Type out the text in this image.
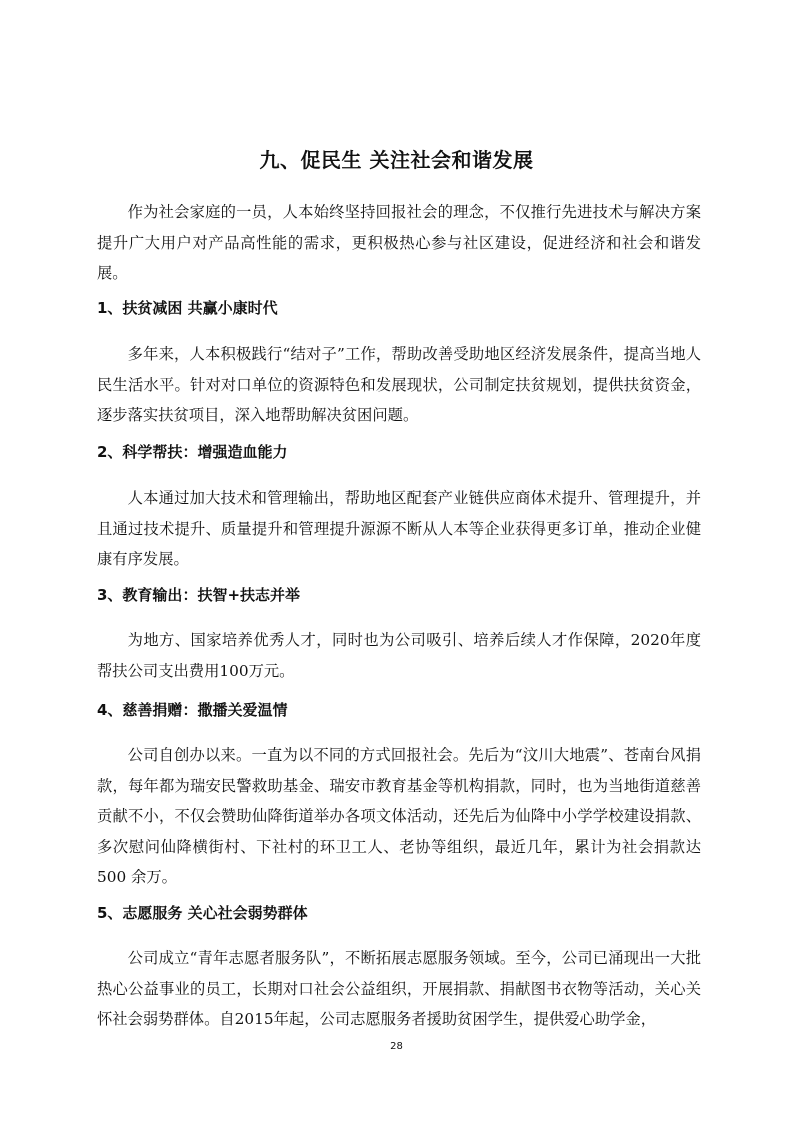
九、促民生 关注社会和谐发展

作为社会家庭的一员，人本始终坚持回报社会的理念，不仅推行先进技术与解决方案提升广大用户对产品高性能的需求，更积极热心参与社区建设，促进经济和社会和谐发展。

1、扶贫减困 共赢小康时代

多年来，人本积极践行“结对子”工作，帮助改善受助地区经济发展条件，提高当地人民生活水平。针对对口单位的资源特色和发展现状，公司制定扶贫规划，提供扶贫资金，逐步落实扶贫项目，深入地帮助解决贫困问题。

2、科学帮扶：增强造血能力

人本通过加大技术和管理输出，帮助地区配套产业链供应商体术提升、管理提升，并且通过技术提升、质量提升和管理提升源源不断从人本等企业获得更多订单，推动企业健康有序发展。

3、教育输出：扶智+扶志并举

为地方、国家培养优秀人才，同时也为公司吸引、培养后续人才作保障，2020年度帮扶公司支出费用100万元。

4、慈善捐赠：撒播关爱温情

公司自创办以来。一直为以不同的方式回报社会。先后为“汶川大地震”、苍南台风捐款，每年都为瑞安民警救助基金、瑞安市教育基金等机构捐款，同时，也为当地街道慈善贡献不小，不仅会赞助仙降街道举办各项文体活动，还先后为仙降中小学学校建设捐款、多次慰问仙降横街村、下社村的环卫工人、老协等组织，最近几年，累计为社会捐款达 500 余万。

5、志愿服务 关心社会弱势群体

公司成立“青年志愿者服务队”，不断拓展志愿服务领域。至今，公司已涌现出一大批热心公益事业的员工，长期对口社会公益组织，开展捐款、捐献图书衣物等活动，关心关怀社会弱势群体。自2015年起，公司志愿服务者援助贫困学生，提供爱心助学金，

28
